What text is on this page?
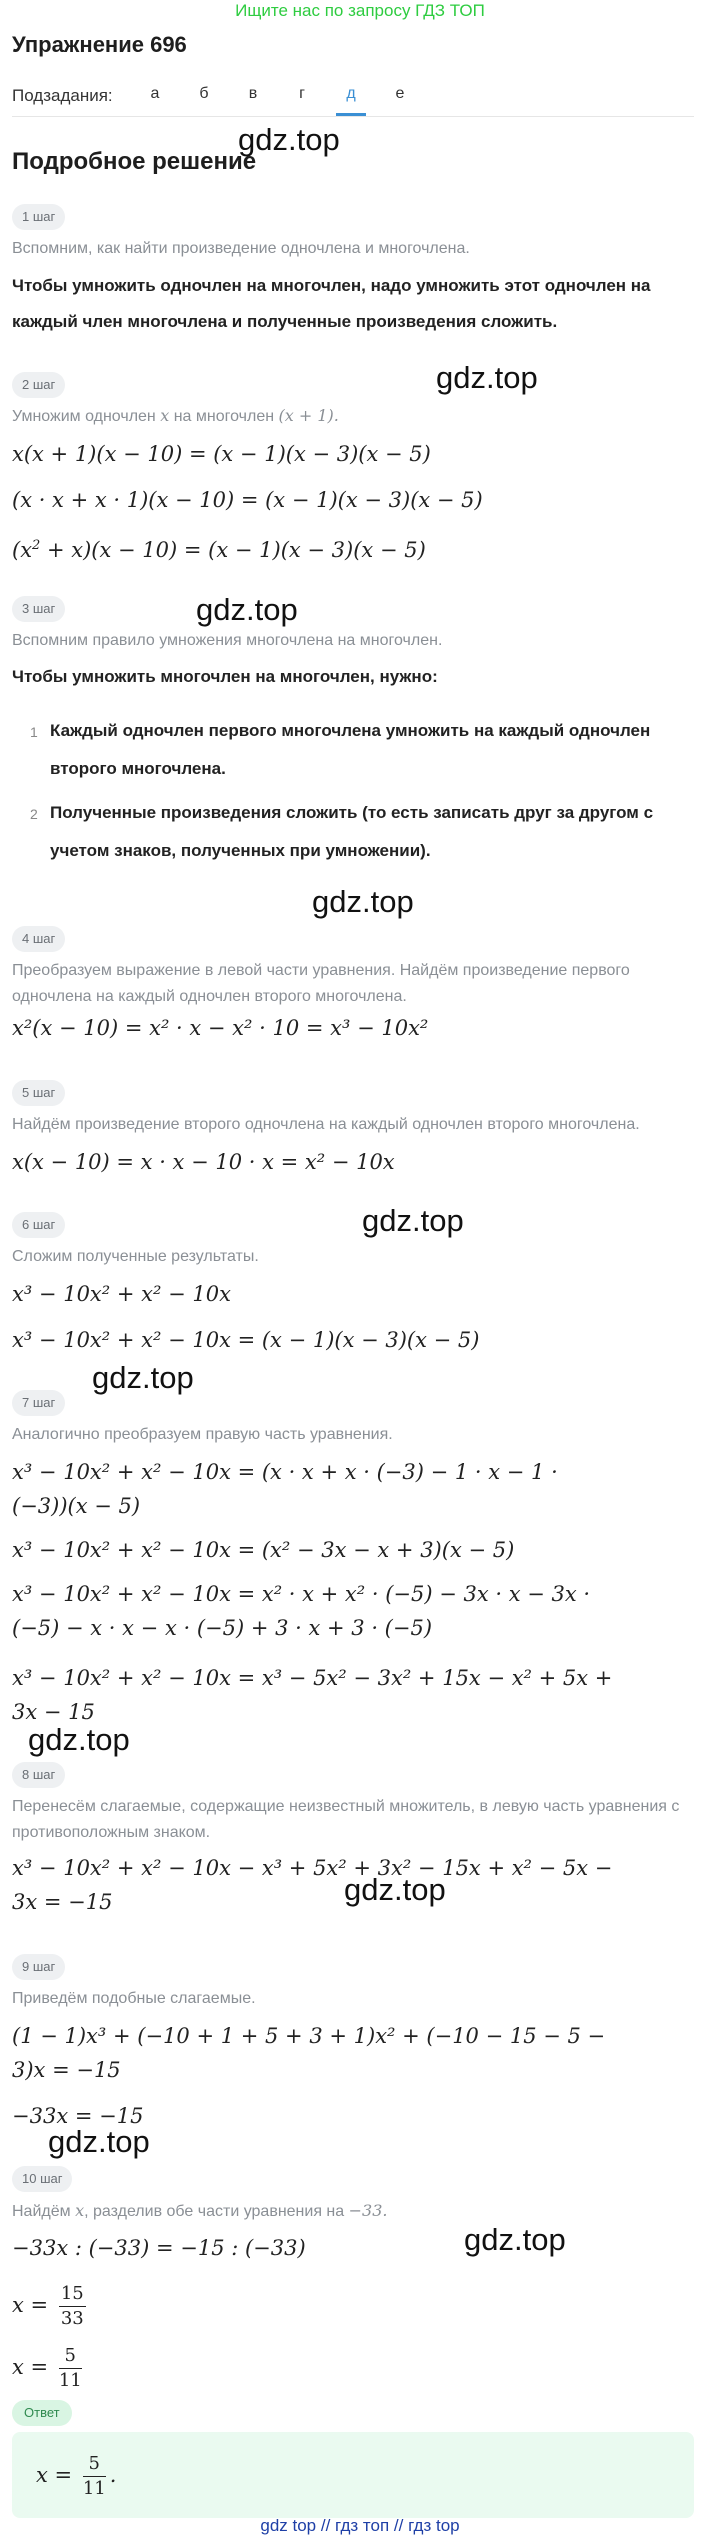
Ищите нас по запросу ГДЗ ТОП
Упражнение 696
Подзадания:	а	б	в	г	д	е
gdz.top
gdz.top
gdz.top
gdz.top
gdz.top
gdz.top
gdz.top
gdz.top
gdz.top
gdz.top
Подробное решение
1 шаг
Вспомним, как найти произведение одночлена и многочлена.
Чтобы умножить одночлен на многочлен, надо умножить этот одночлен на каждый член многочлена и полученные произведения сложить.
2 шаг
Умножим одночлен x на многочлен (x + 1).
x(x + 1)(x − 10) = (x − 1)(x − 3)(x − 5)
(x · x + x · 1)(x − 10) = (x − 1)(x − 3)(x − 5)
$(x^2 + x)(x - 10) = (x - 1)(x - 3)(x - 5)$
3 шаг
Вспомним правило умножения многочлена на многочлен.
Чтобы умножить многочлен на многочлен, нужно:
1 Каждый одночлен первого многочлена умножить на каждый одночлен второго многочлена.
2 Полученные произведения сложить (то есть записать друг за другом с учетом знаков, полученных при умножении).
4 шаг
Преобразуем выражение в левой части уравнения. Найдём произведение первого одночлена на каждый одночлен второго многочлена.
x²(x − 10) = x² · x − x² · 10 = x³ − 10x²
5 шаг
Найдём произведение второго одночлена на каждый одночлен второго многочлена.
x(x − 10) = x · x − 10 · x = x² − 10x
6 шаг
Сложим полученные результаты.
x³ − 10x² + x² − 10x
x³ − 10x² + x² − 10x = (x − 1)(x − 3)(x − 5)
7 шаг
Аналогично преобразуем правую часть уравнения.
x³ − 10x² + x² − 10x = (x · x + x · (−3) − 1 · x − 1 ·
(−3))(x − 5)
x³ − 10x² + x² − 10x = (x² − 3x − x + 3)(x − 5)
x³ − 10x² + x² − 10x = x² · x + x² · (−5) − 3x · x − 3x ·
(−5) − x · x − x · (−5) + 3 · x + 3 · (−5)
x³ − 10x² + x² − 10x = x³ − 5x² − 3x² + 15x − x² + 5x +
3x − 15
8 шаг
Перенесём слагаемые, содержащие неизвестный множитель, в левую часть уравнения с противоположным знаком.
x³ − 10x² + x² − 10x − x³ + 5x² + 3x² − 15x + x² − 5x −
3x = −15
9 шаг
Приведём подобные слагаемые.
(1 − 1)x³ + (−10 + 1 + 5 + 3 + 1)x² + (−10 − 15 − 5 −
3)x = −15
−33x = −15
10 шаг
Найдём x, разделив обе части уравнения на −33.
−33x : (−33) = −15 : (−33)
$x = \frac{15}{33}$
$x = \frac{5}{11}$
Ответ
$x = \frac{5}{11}$ .
gdz top // гдз топ // гдз top
